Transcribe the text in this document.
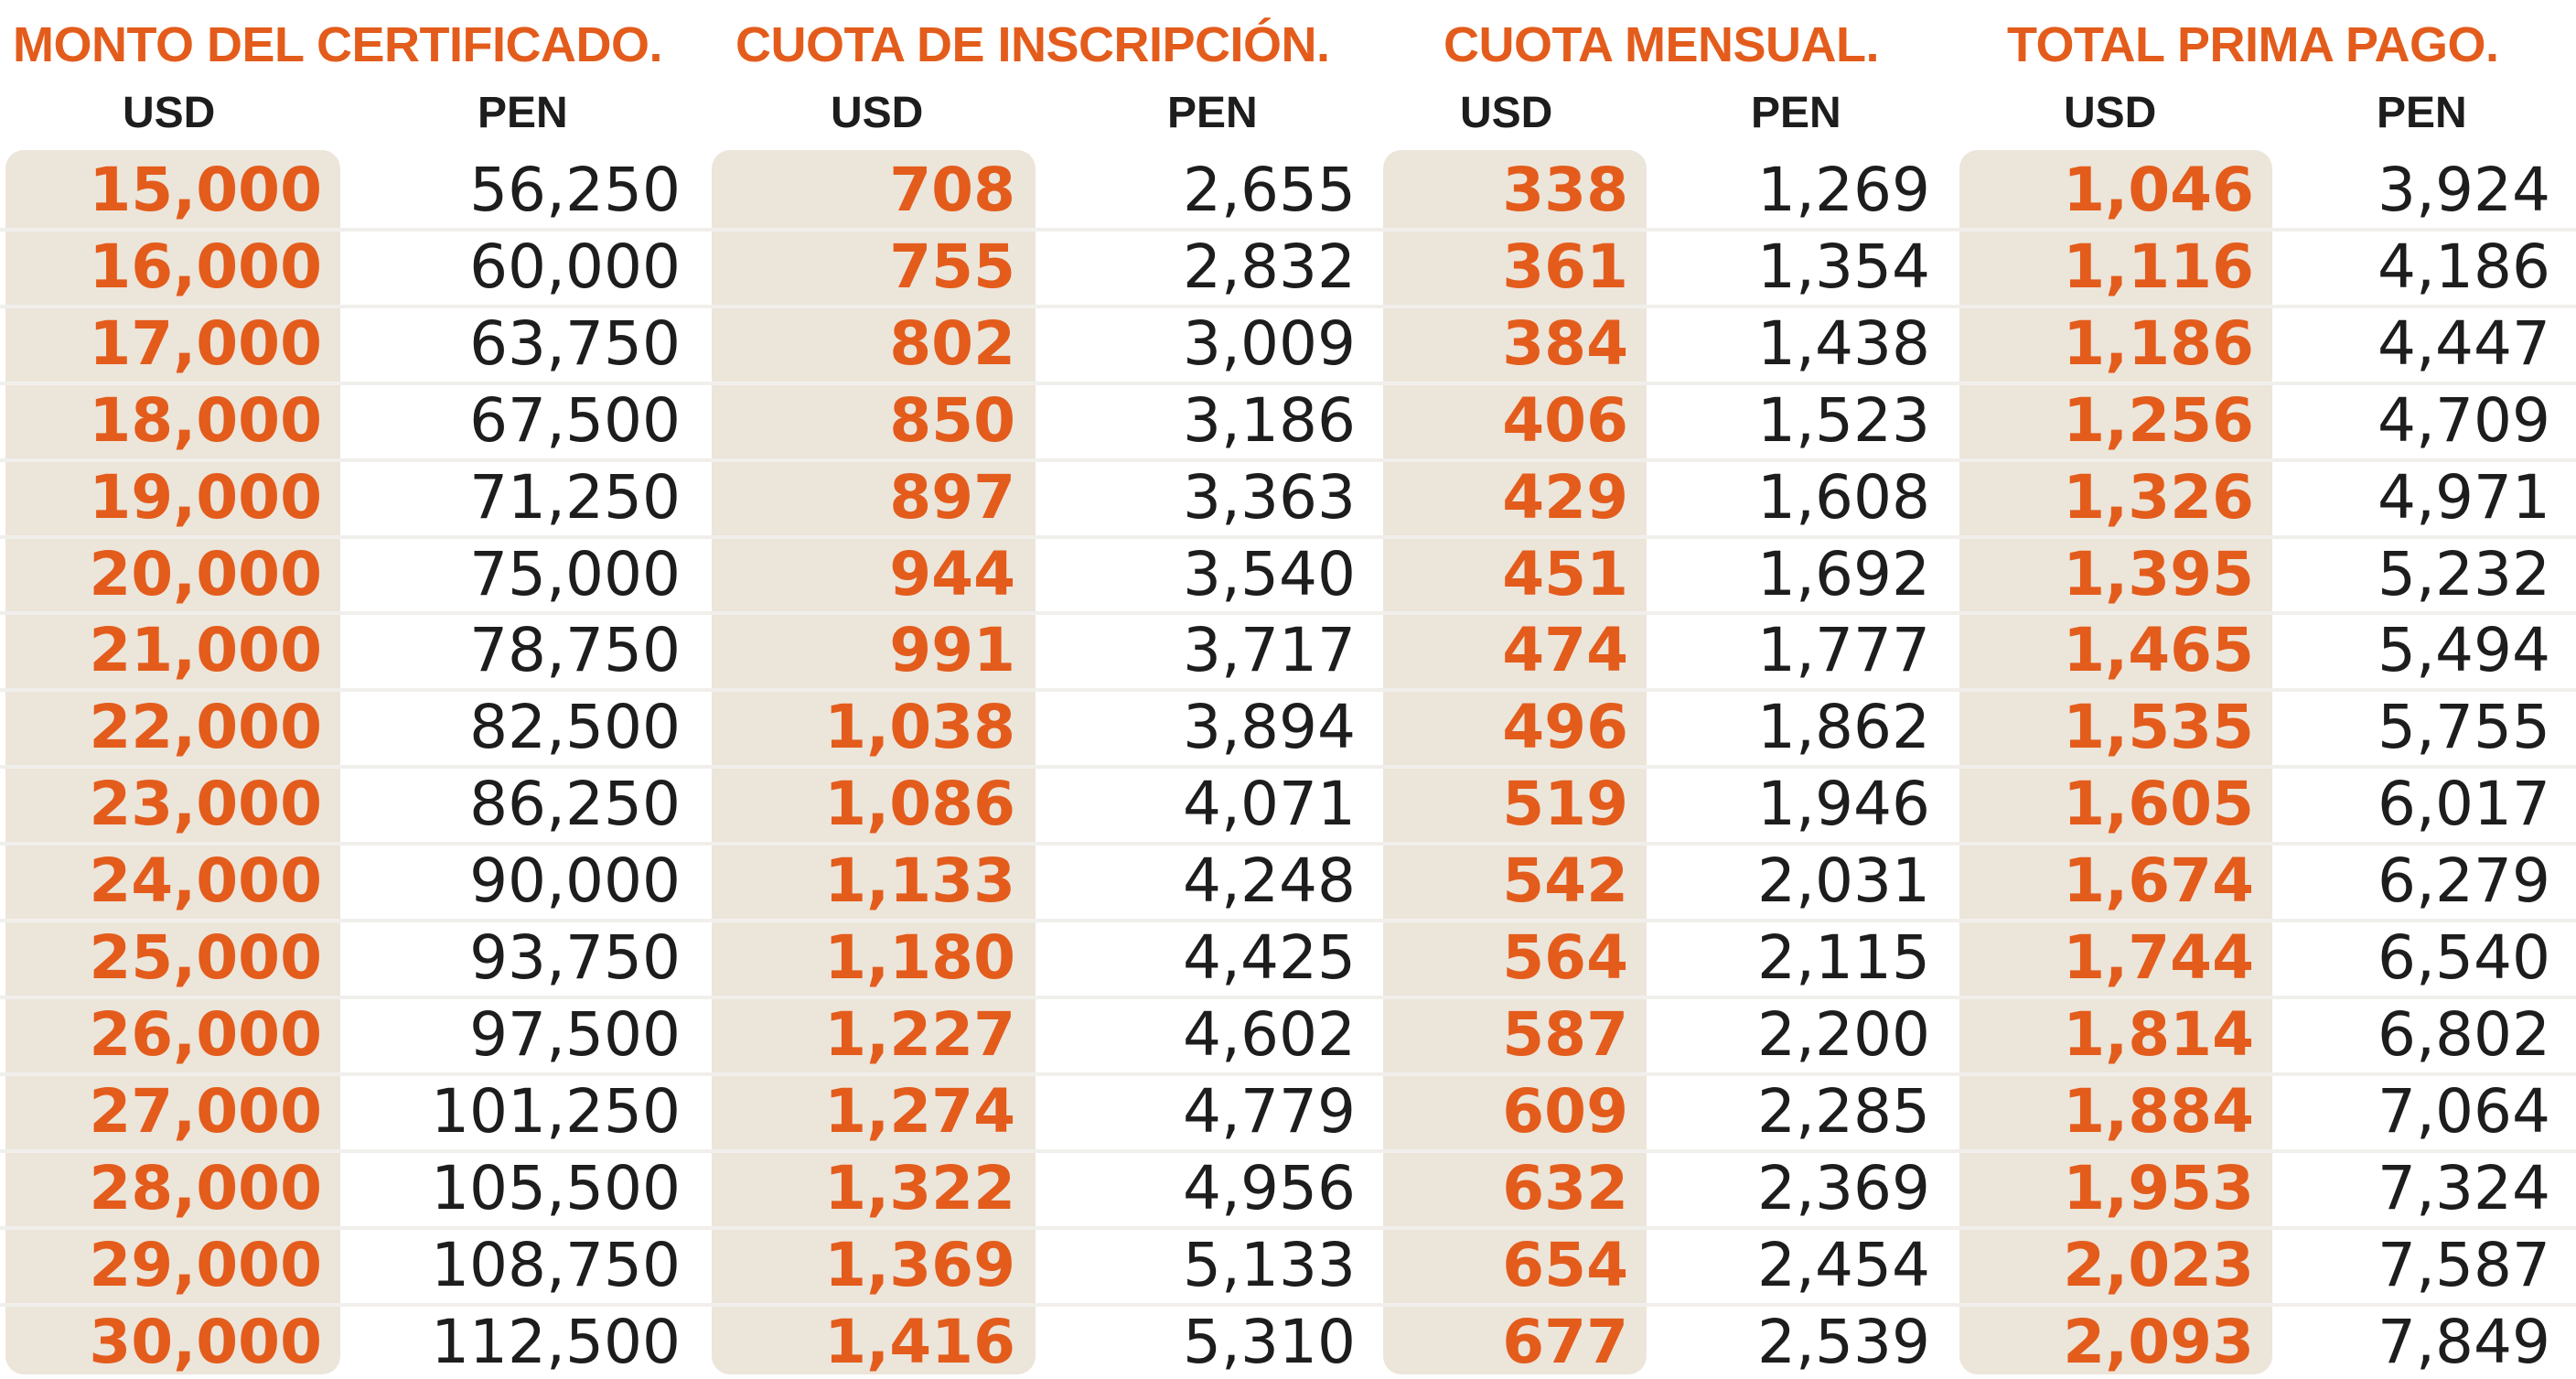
MONTO DEL CERTIFICADO. CUOTA DE INSCRIPCIÓN. CUOTA MENSUAL.	TOTAL PRIMA PAGO.
USD	PEN	USD	PEN	USD	PEN	USD	PEN
15,000	56,250	708	2,655	338	1,269	1,046	3,924
16,000	60,000	755	2,832	361	1,354	1,116	4,186
17,000	63,750	802	3,009	384	1,438	1,186	4,447
18,000	67,500	850	3,186	406	1,523	1,256	4,709
19,000	71,250	897	3,363	429	1,608	1,326	4,971
20,000	75,000	944	3,540	451	1,692	1,395	5,232
21,000	78,750	991	3,717	474	1,777	1,465	5,494
22,000	82,500	1,038	3,894	496	1,862	1,535	5,755
23,000	86,250	1,086	4,071	519	1,946	1,605	6,017
24,000	90,000	1,133	4,248	542	2,031	1,674	6,279
25,000	93,750	1,180	4,425	564	2,115	1,744	6,540
26,000	97,500	1,227	4,602	587	2,200	1,814	6,802
27,000	101,250	1,274	4,779	609	2,285	1,884	7,064
28,000	105,500	1,322	4,956	632	2,369	1,953	7,324
29,000	108,750	1,369	5,133	654	2,454	2,023	7,587
30,000	112,500	1,416	5,310	677	2,539	2,093	7,849
